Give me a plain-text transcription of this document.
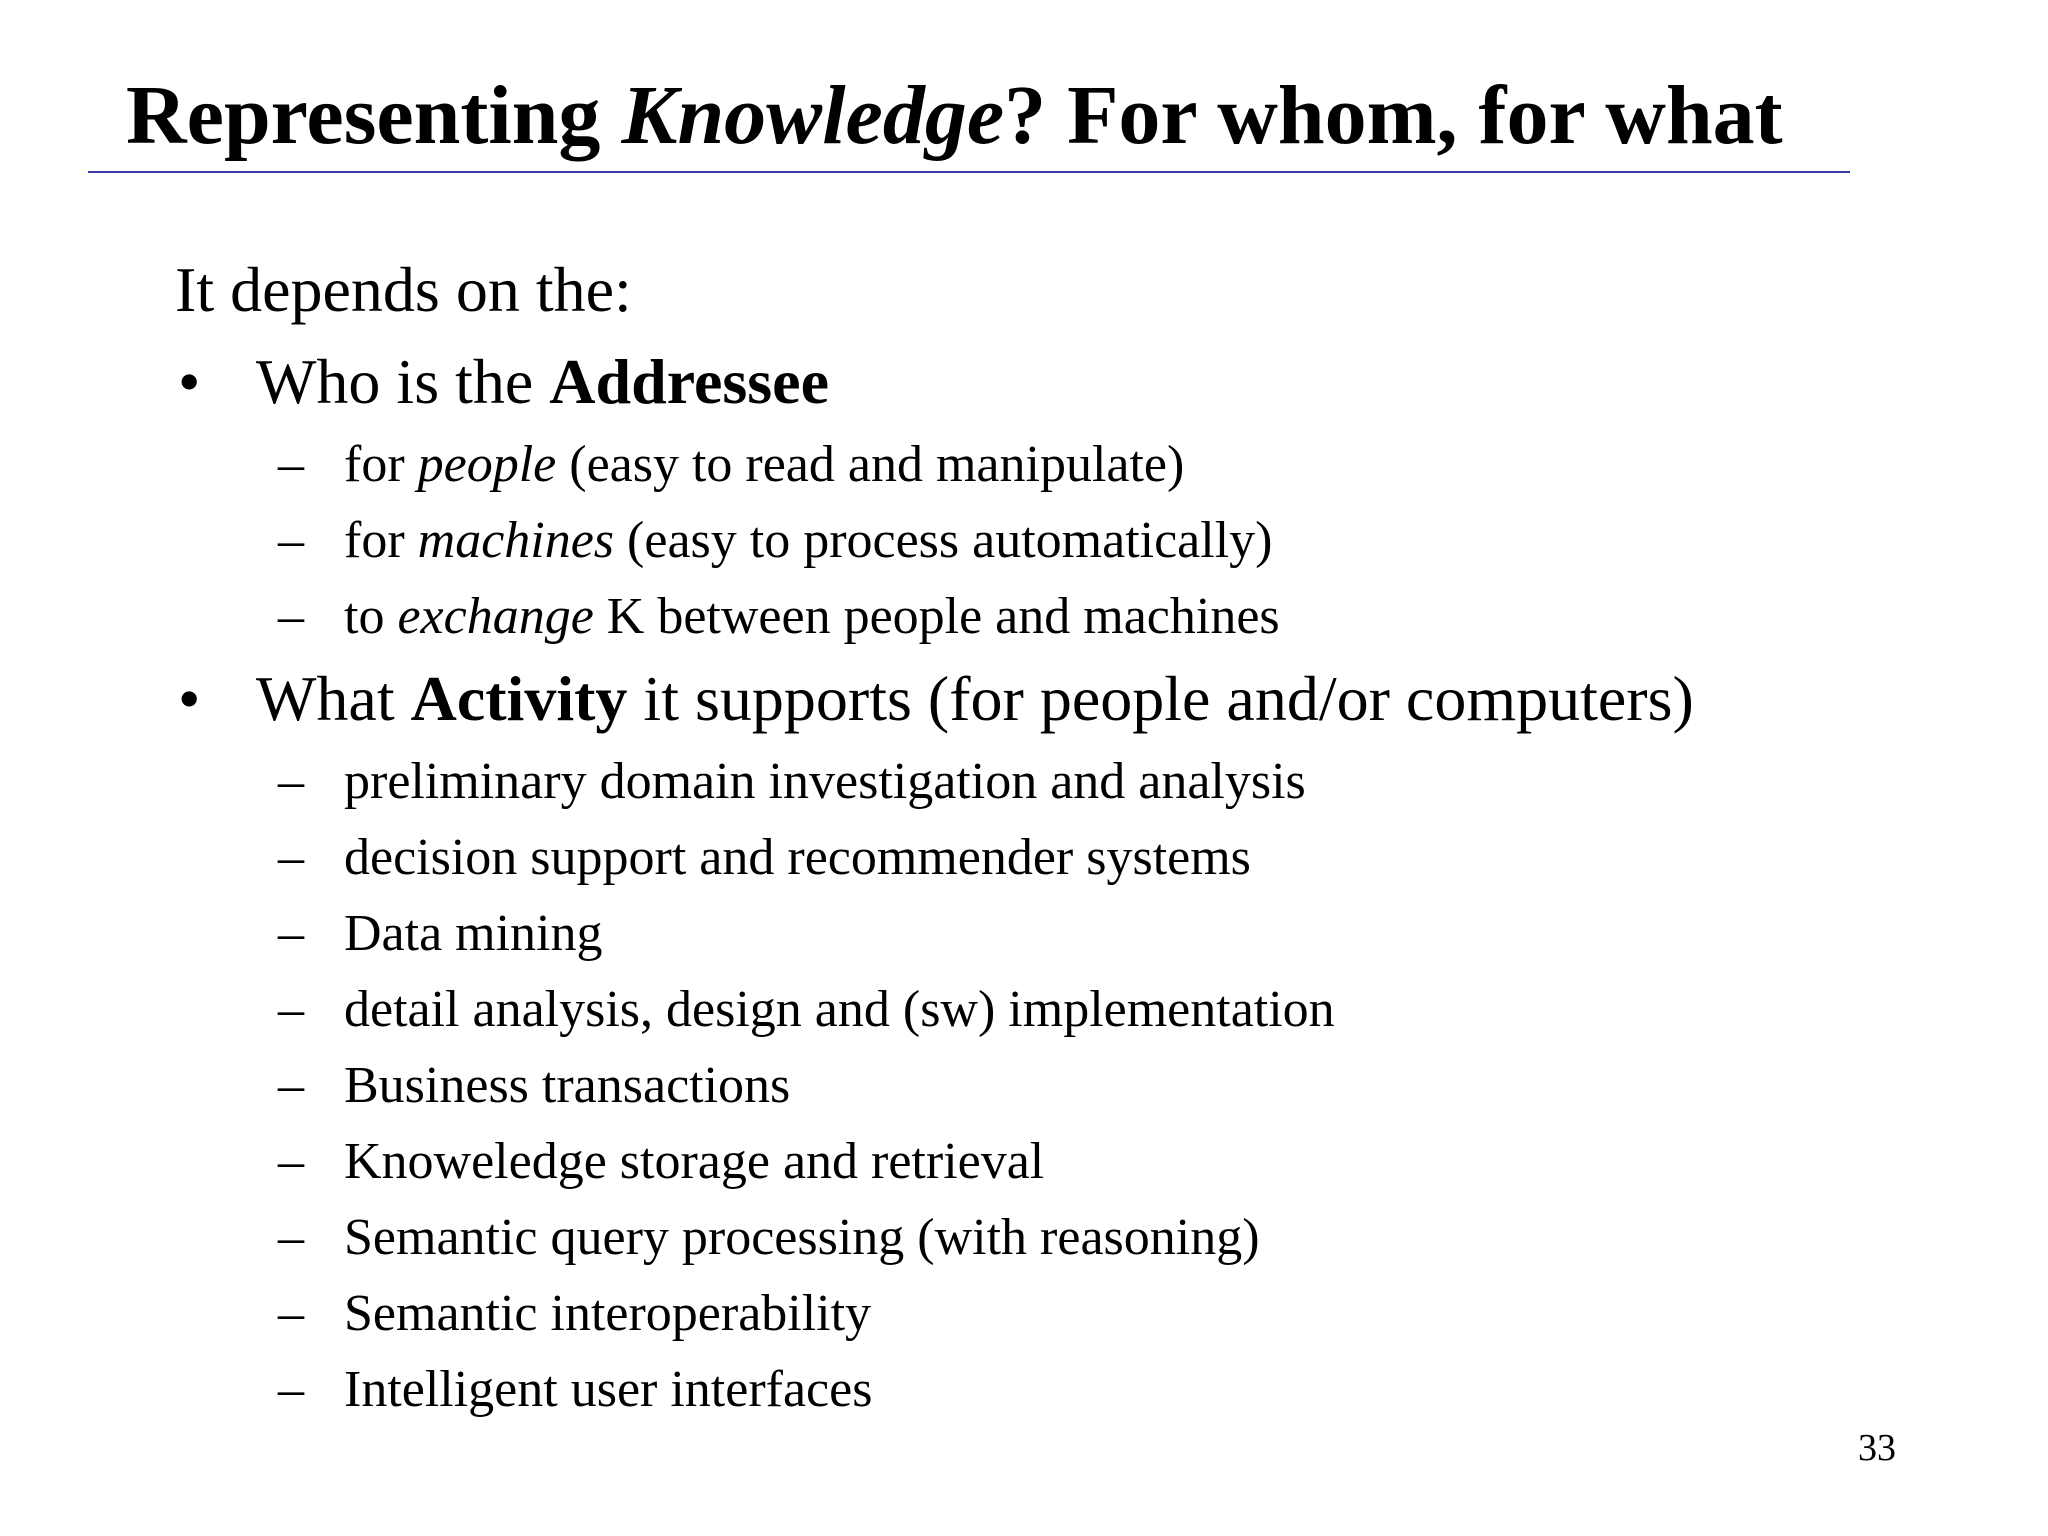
Representing Knowledge? For whom, for what
It depends on the:
• Who is the Addressee
– for people (easy to read and manipulate)
– for machines (easy to process automatically)
– to exchange K between people and machines
• What Activity it supports (for people and/or computers)
– preliminary domain investigation and analysis
– decision support and recommender systems
– Data mining
– detail analysis, design and (sw) implementation
– Business transactions
– Knoweledge storage and retrieval
– Semantic query processing (with reasoning)
– Semantic interoperability
– Intelligent user interfaces
33
